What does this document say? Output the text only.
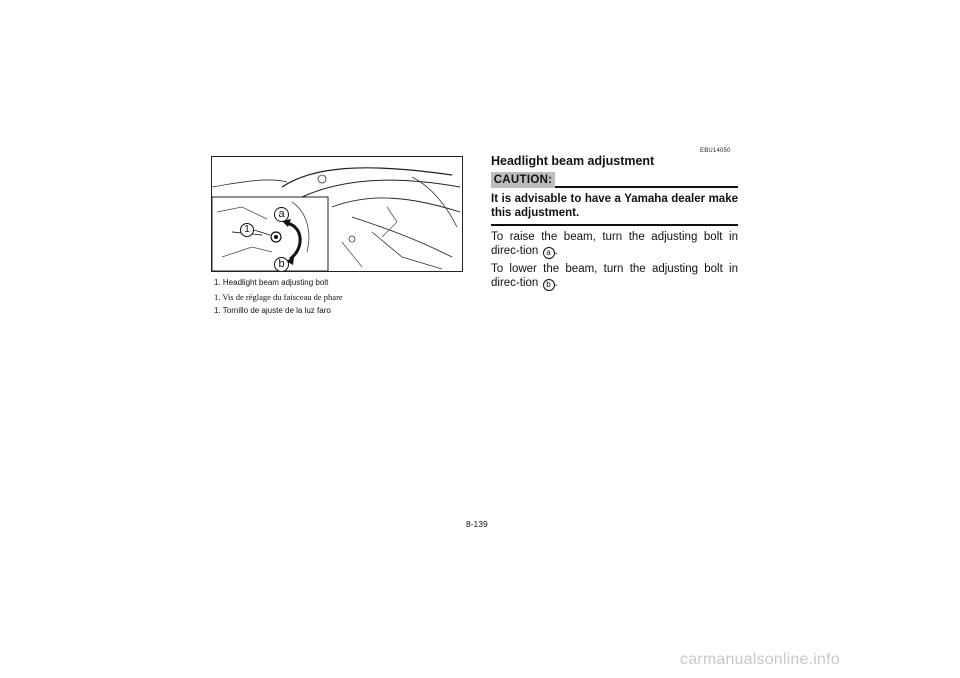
1
a
b
1. Headlight beam adjusting bolt
1. Vis de réglage du faisceau de phare
1. Tornillo de ajuste de la luz faro
EBU14050
Headlight beam adjustment
CAUTION:
It is advisable to have a Yamaha dealer make this adjustment.
To raise the beam, turn the adjusting bolt in direc-tion a .
To lower the beam, turn the adjusting bolt in direc-tion b .
8-139
carmanualsonline.info
